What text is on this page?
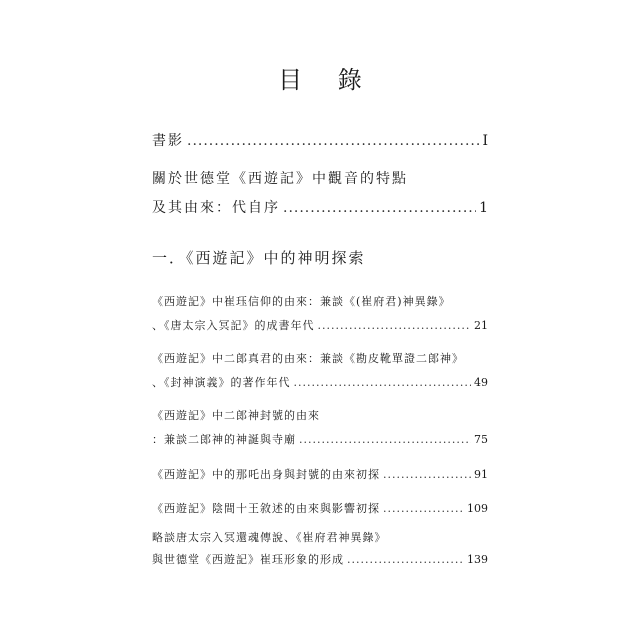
目 錄
書影 .....	I
關於世德堂《西遊記》中觀音的特點
及其由來：代自序 .....	1
一．《西遊記》中的神明探索
《西遊記》中崔珏信仰的由來：兼談《(崔府君)神異錄》
、《唐太宗入冥記》的成書年代 .....	21
《西遊記》中二郎真君的由來：兼談《勘皮靴單證二郎神》
、《封神演義》的著作年代 .....	49
《西遊記》中二郎神封號的由來
：兼談二郎神的神誕與寺廟 .....	75
《西遊記》中的那吒出身與封號的由來初探 .....	91
《西遊記》陰間十王敘述的由來與影響初探 .....	109
略談唐太宗入冥還魂傳說、《崔府君神異錄》
與世德堂《西遊記》崔珏形象的形成 .....	139
